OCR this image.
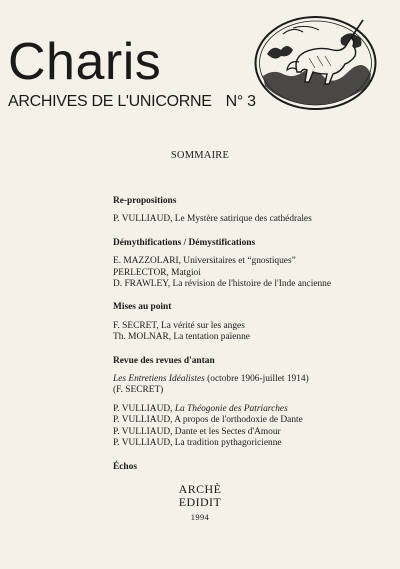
Charis
ARCHIVES DE L'UNICORNE N° 3
SOMMAIRE
Re-propositions
P. VULLIAUD, Le Mystère satirique des cathédrales
Démythifications / Démystifications
E. MAZZOLARI, Universitaires et “gnostiques”
PERLECTOR, Matgioi
D. FRAWLEY, La révision de l'histoire de l'Inde ancienne
Mises au point
F. SECRET, La vérité sur les anges
Th. MOLNAR, La tentation païenne
Revue des revues d'antan
Les Entretiens Idéalistes (octobre 1906-juillet 1914)
(F. SECRET)
P. VULLIAUD, La Théogonie des Patriarches
P. VULLIAUD, A propos de l'orthodoxie de Dante
P. VULLIAUD, Dante et les Sectes d'Amour
P. VULLIAUD, La tradition pythagoricienne
Échos
ARCHÈ
EDIDIT
1994
